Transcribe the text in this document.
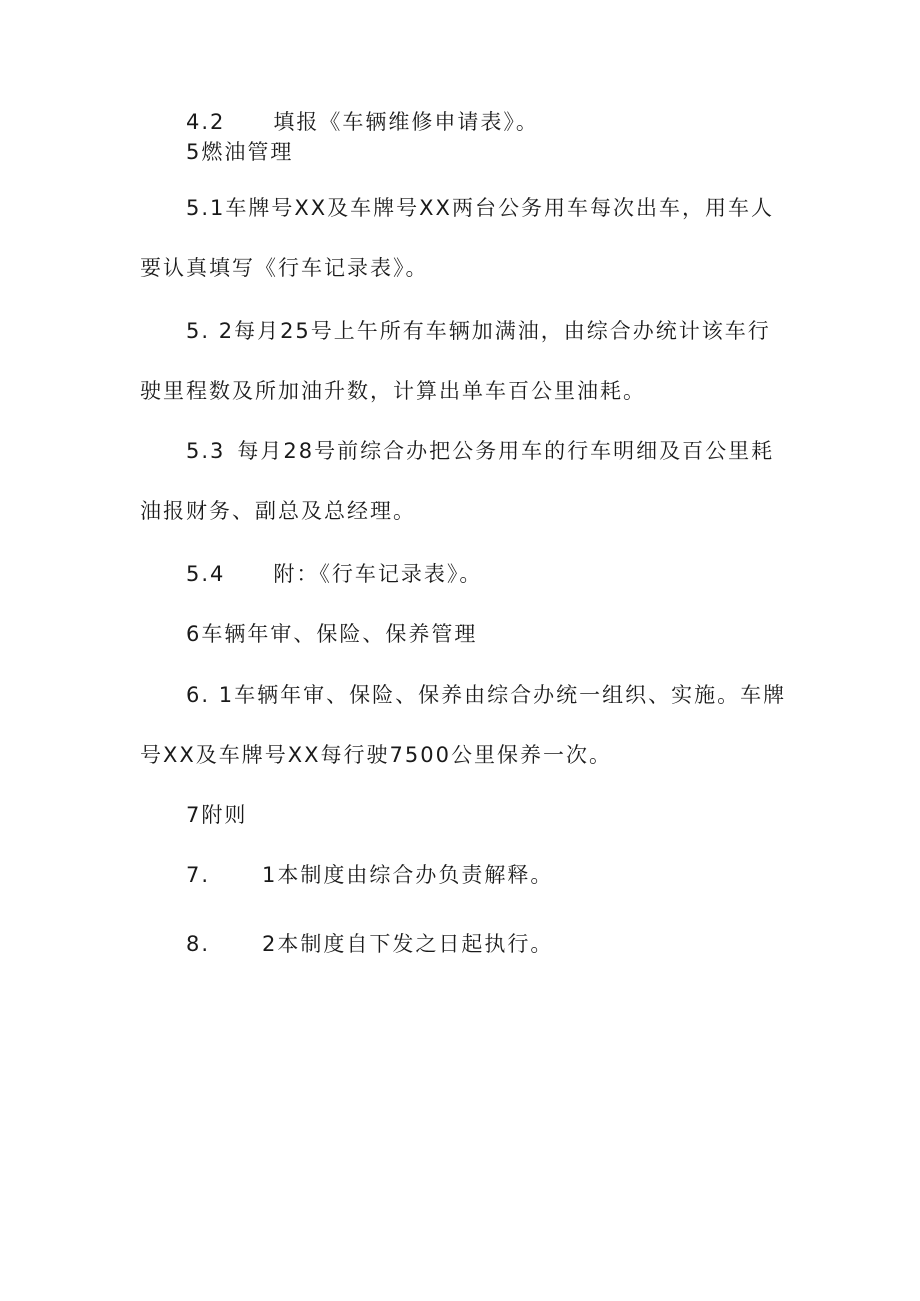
4.2 填报《车辆维修申请表》。
5燃油管理
5.1车牌号XX及车牌号XX两台公务用车每次出车，用车人
要认真填写《行车记录表》。
5. 2每月25号上午所有车辆加满油，由综合办统计该车行
驶里程数及所加油升数，计算出单车百公里油耗。
5.3 每月28号前综合办把公务用车的行车明细及百公里耗
油报财务、副总及总经理。
5.4 附：《行车记录表》。
6车辆年审、保险、保养管理
6. 1车辆年审、保险、保养由综合办统一组织、实施。车牌
号XX及车牌号XX每行驶7500公里保养一次。
7附则
7. 1本制度由综合办负责解释。
8. 2本制度自下发之日起执行。
